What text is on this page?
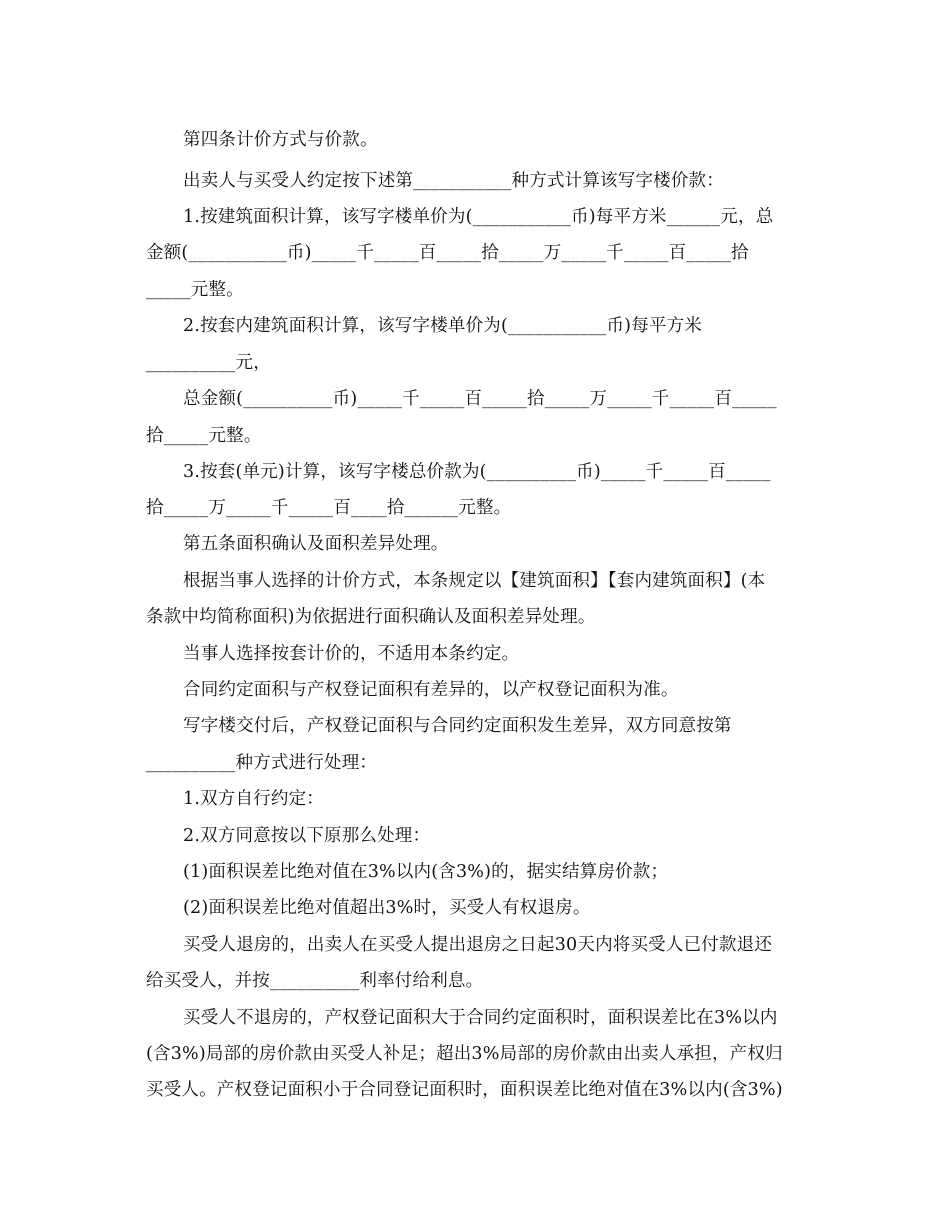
第四条计价方式与价款。
出卖人与买受人约定按下述第___________种方式计算该写字楼价款：
1.按建筑面积计算，该写字楼单价为(___________币)每平方米______元，总
金额(___________币)_____千_____百_____拾_____万_____千_____百_____拾
_____元整。
2.按套内建筑面积计算，该写字楼单价为(___________币)每平方米
__________元，
总金额(__________币)_____千_____百_____拾_____万_____千_____百_____
拾_____元整。
3.按套(单元)计算，该写字楼总价款为(__________币)_____千_____百_____
拾_____万_____千_____百____拾______元整。
第五条面积确认及面积差异处理。
根据当事人选择的计价方式，本条规定以【建筑面积】【套内建筑面积】(本
条款中均简称面积)为依据进行面积确认及面积差异处理。
当事人选择按套计价的，不适用本条约定。
合同约定面积与产权登记面积有差异的，以产权登记面积为准。
写字楼交付后，产权登记面积与合同约定面积发生差异，双方同意按第
__________种方式进行处理：
1.双方自行约定：
2.双方同意按以下原那么处理：
(1)面积误差比绝对值在3%以内(含3%)的，据实结算房价款；
(2)面积误差比绝对值超出3%时，买受人有权退房。
买受人退房的，出卖人在买受人提出退房之日起30天内将买受人已付款退还
给买受人，并按__________利率付给利息。
买受人不退房的，产权登记面积大于合同约定面积时，面积误差比在3%以内
(含3%)局部的房价款由买受人补足；超出3%局部的房价款由出卖人承担，产权归
买受人。产权登记面积小于合同登记面积时，面积误差比绝对值在3%以内(含3%)
